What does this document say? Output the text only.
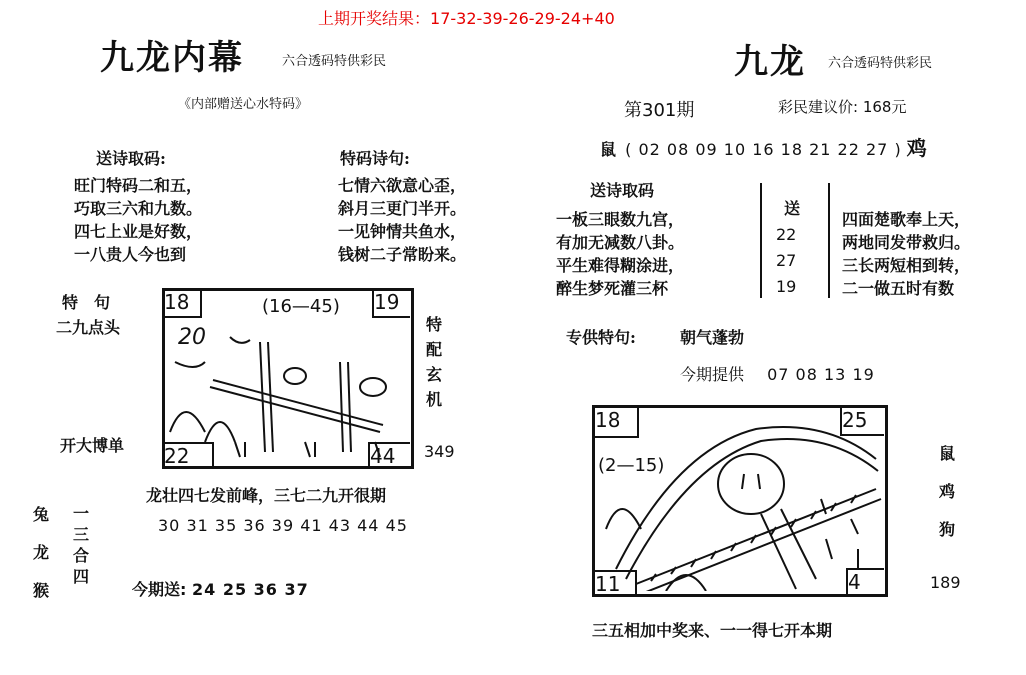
上期开奖结果：17-32-39-26-29-24+40
九龙内幕	六合透码特供彩民
《内部赠送心水特码》
送诗取码:
旺门特码二和五，
巧取三六和九数。
四七上业是好数，
一八贵人今也到
特码诗句:
七情六欲意心歪，
斜月三更门半开。
一见钟情共鱼水，
钱树二子常盼来。
特　句
二九点头
开大博单
18	19
22	44
(16—45)
20
特配玄机
349
龙壮四七发前峰，三七二九开很期
30 31 35 36 39 41 43 44 45
兔龙猴
一三合四
今期送: 24 25 36 37
九龙 六合透码特供彩民
第301期	彩民建议价: 168元
鼠 ( 02 08 09 10 16 18 21 22 27 ) 鸡
送诗取码
一板三眼数九宫，
有加无减数八卦。
平生难得糊涂进，
醉生梦死灌三杯
送
22
27
19
四面楚歌奉上天，
两地同发带救归。
三长两短相到转，
二一做五时有数
专供特句:	朝气蓬勃
今期提供 07 08 13 19
18	25
11	4
(2—15)
鼠
鸡
狗
189
三五相加中奖来、一一得七开本期
